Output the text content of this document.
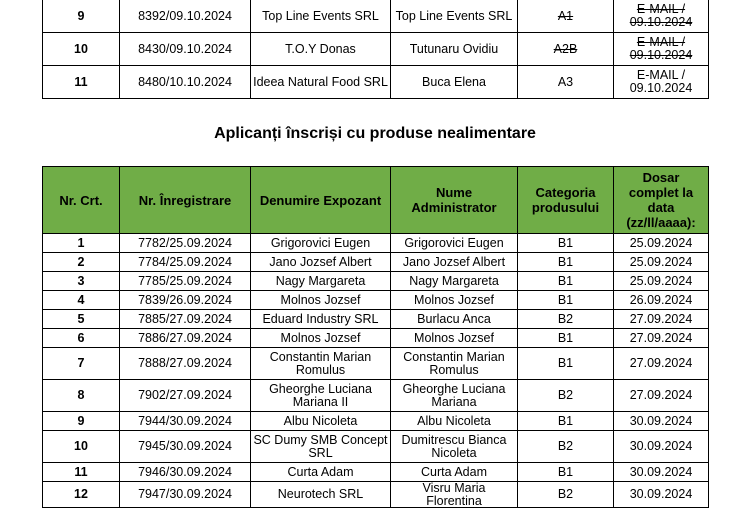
9	8392/09.10.2024	Top Line Events SRL	Top Line Events SRL	A1	E-MAIL /
09.10.2024
10	8430/09.10.2024	T.O.Y Donas	Tutunaru Ovidiu	A2B	E-MAIL /
09.10.2024
11	8480/10.10.2024	Ideea Natural Food SRL	Buca Elena	A3	E-MAIL /
09.10.2024
Aplicanți înscriși cu produse nealimentare
Nr. Crt.	Nr. Înregistrare	Denumire Expozant	Nume Administrator	Categoria produsului	Dosar complet la data (zz/ll/aaaa):
1	7782/25.09.2024	Grigorovici Eugen	Grigorovici Eugen	B1	25.09.2024
2	7784/25.09.2024	Jano Jozsef Albert	Jano Jozsef Albert	B1	25.09.2024
3	7785/25.09.2024	Nagy Margareta	Nagy Margareta	B1	25.09.2024
4	7839/26.09.2024	Molnos Jozsef	Molnos Jozsef	B1	26.09.2024
5	7885/27.09.2024	Eduard Industry SRL	Burlacu Anca	B2	27.09.2024
6	7886/27.09.2024	Molnos Jozsef	Molnos Jozsef	B1	27.09.2024
7	7888/27.09.2024	Constantin Marian
Romulus	Constantin Marian
Romulus	B1	27.09.2024
8	7902/27.09.2024	Gheorghe Luciana
Mariana II	Gheorghe Luciana
Mariana	B2	27.09.2024
9	7944/30.09.2024	Albu Nicoleta	Albu Nicoleta	B1	30.09.2024
10	7945/30.09.2024	SC Dumy SMB Concept
SRL	Dumitrescu Bianca
Nicoleta	B2	30.09.2024
11	7946/30.09.2024	Curta Adam	Curta Adam	B1	30.09.2024
12	7947/30.09.2024	Neurotech SRL	Visru Maria Florentina	B2	30.09.2024
